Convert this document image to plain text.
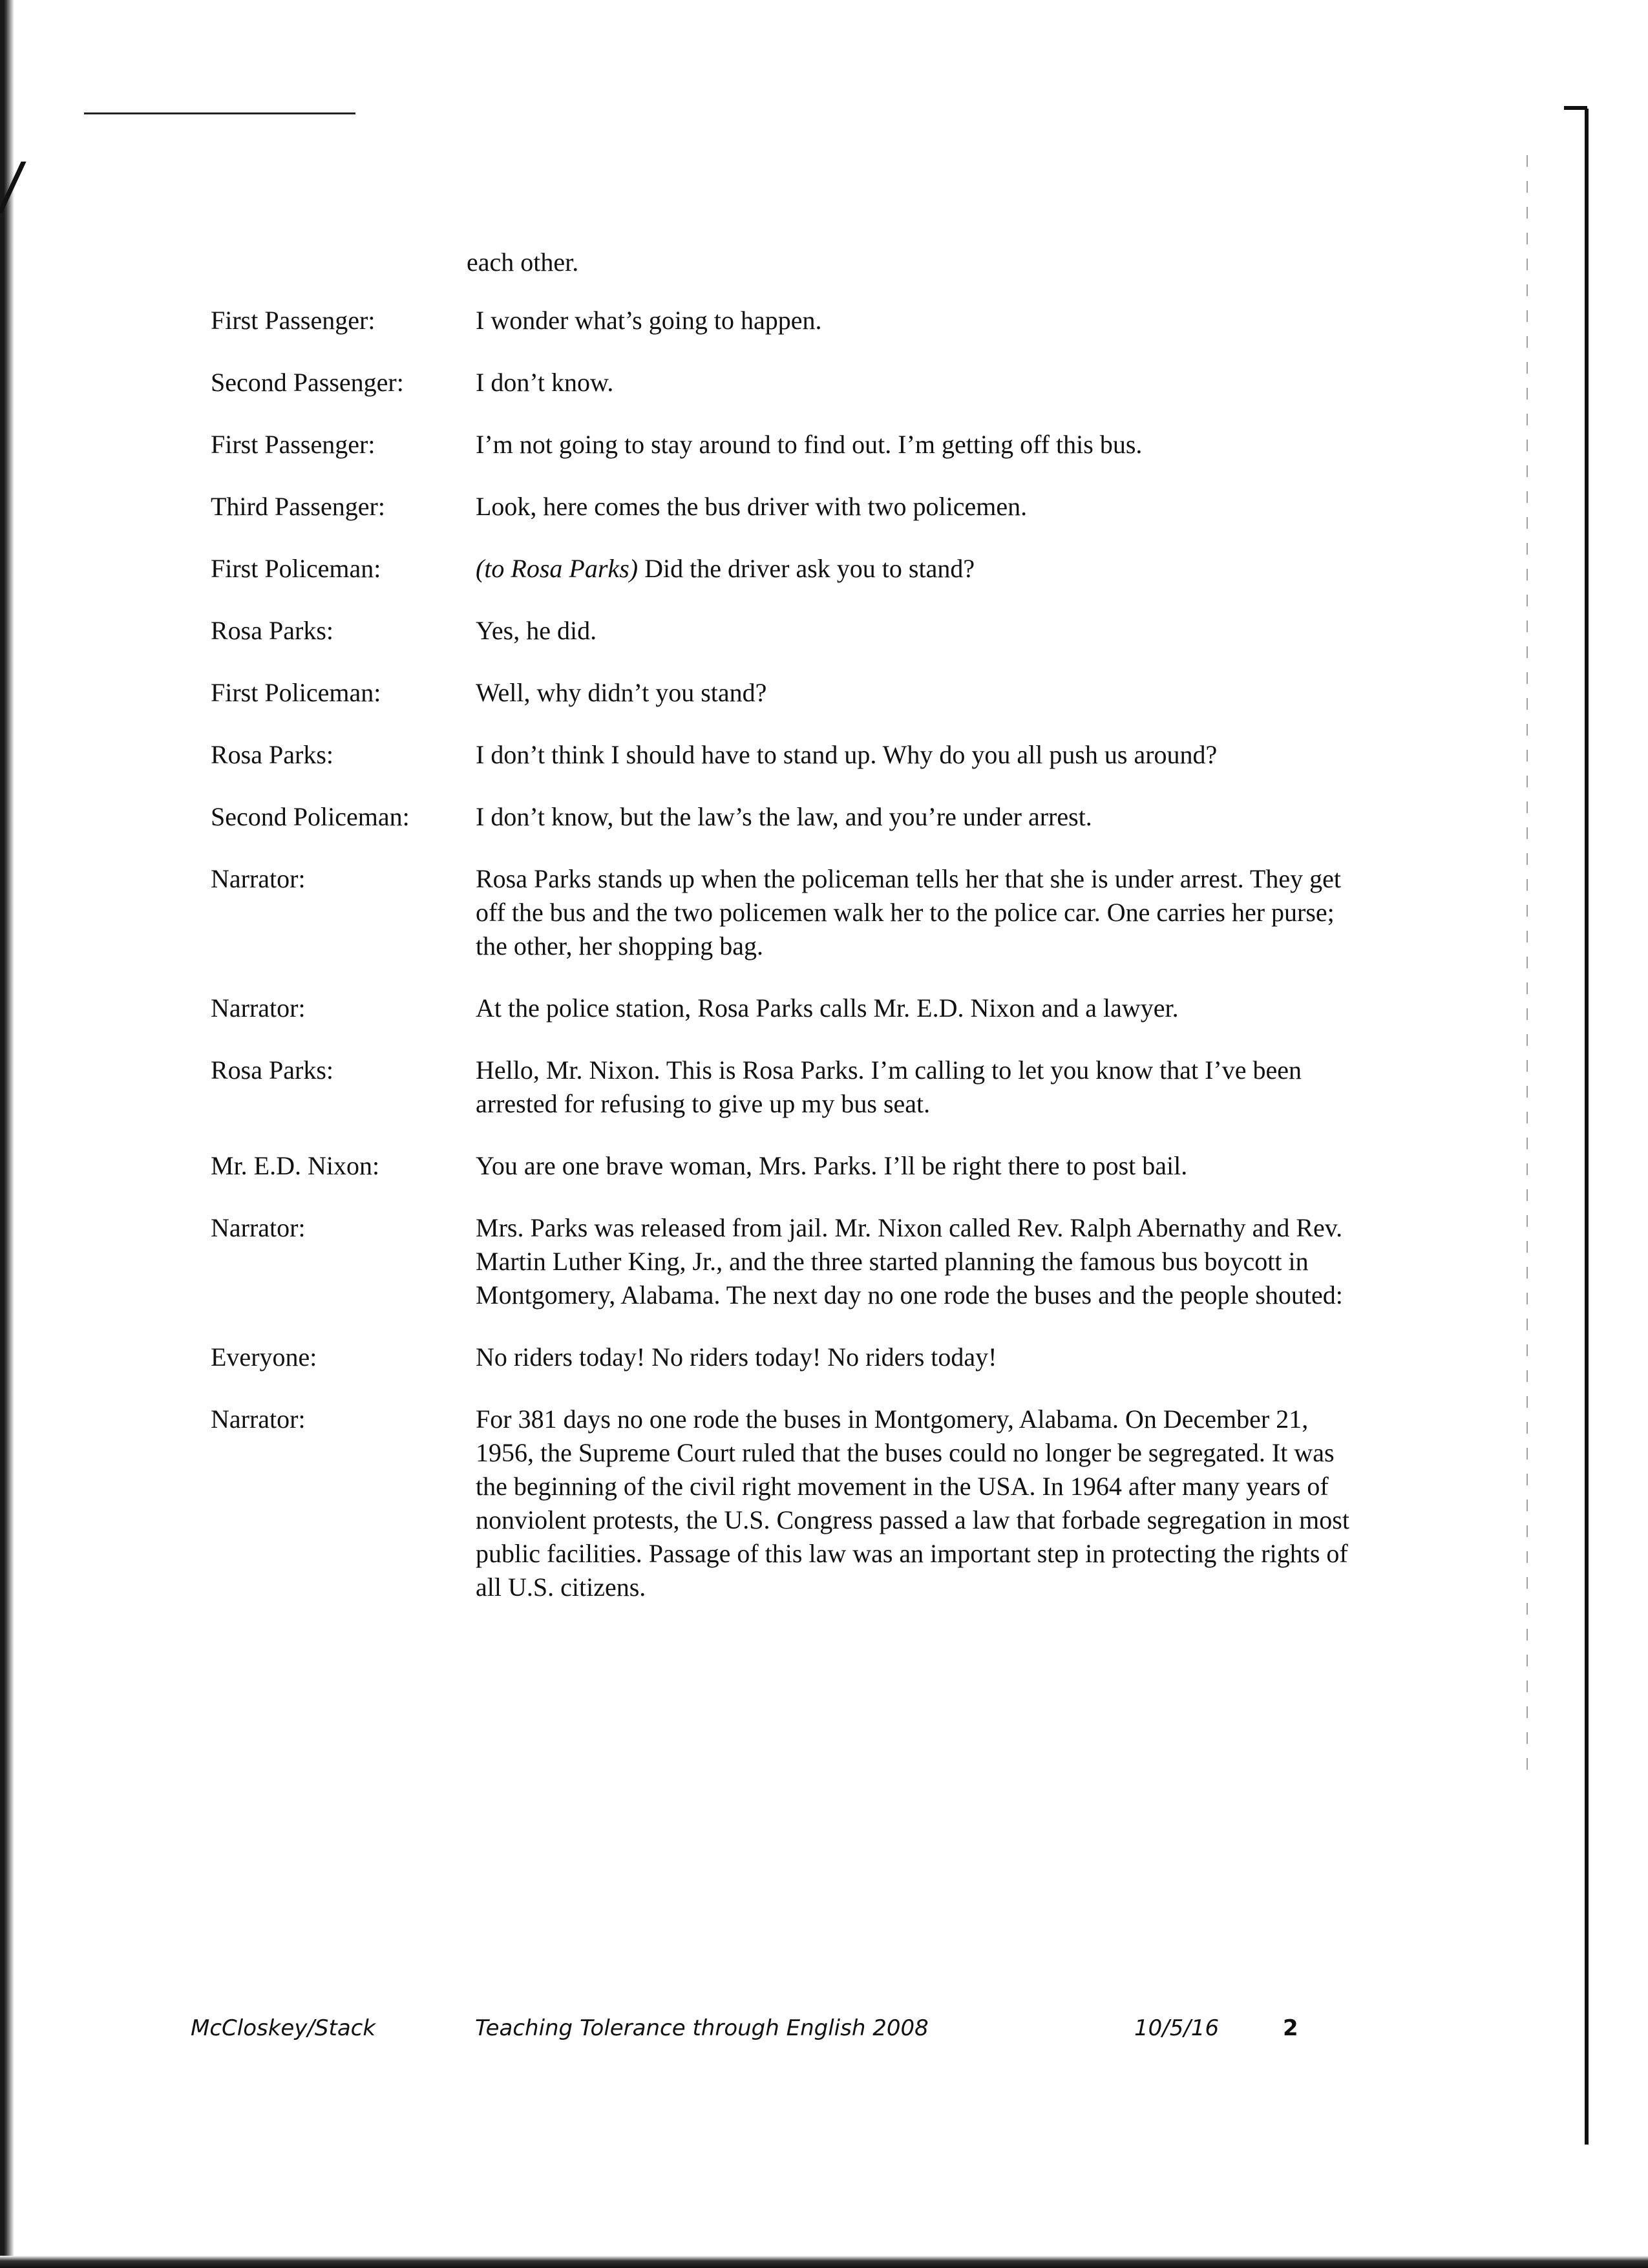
each other.
First Passenger:	I wonder what’s going to happen.
Second Passenger:	I don’t know.
First Passenger:	I’m not going to stay around to find out. I’m getting off this bus.
Third Passenger:	Look, here comes the bus driver with two policemen.
First Policeman:	(to Rosa Parks) Did the driver ask you to stand?
Rosa Parks:	Yes, he did.
First Policeman:	Well, why didn’t you stand?
Rosa Parks:	I don’t think I should have to stand up. Why do you all push us around?
Second Policeman:	I don’t know, but the law’s the law, and you’re under arrest.
Narrator:	Rosa Parks stands up when the policeman tells her that she is under arrest. They get off the bus and the two policemen walk her to the police car. One carries her purse; the other, her shopping bag.
Narrator:	At the police station, Rosa Parks calls Mr. E.D. Nixon and a lawyer.
Rosa Parks:	Hello, Mr. Nixon. This is Rosa Parks. I’m calling to let you know that I’ve been arrested for refusing to give up my bus seat.
Mr. E.D. Nixon:	You are one brave woman, Mrs. Parks. I’ll be right there to post bail.
Narrator:	Mrs. Parks was released from jail. Mr. Nixon called Rev. Ralph Abernathy and Rev. Martin Luther King, Jr., and the three started planning the famous bus boycott in Montgomery, Alabama. The next day no one rode the buses and the people shouted:
Everyone:	No riders today! No riders today! No riders today!
Narrator:	For 381 days no one rode the buses in Montgomery, Alabama. On December 21, 1956, the Supreme Court ruled that the buses could no longer be segregated. It was the beginning of the civil right movement in the USA. In 1964 after many years of nonviolent protests, the U.S. Congress passed a law that forbade segregation in most public facilities. Passage of this law was an important step in protecting the rights of all U.S. citizens.
McCloskey/Stack	Teaching Tolerance through English 2008	10/5/16	2
